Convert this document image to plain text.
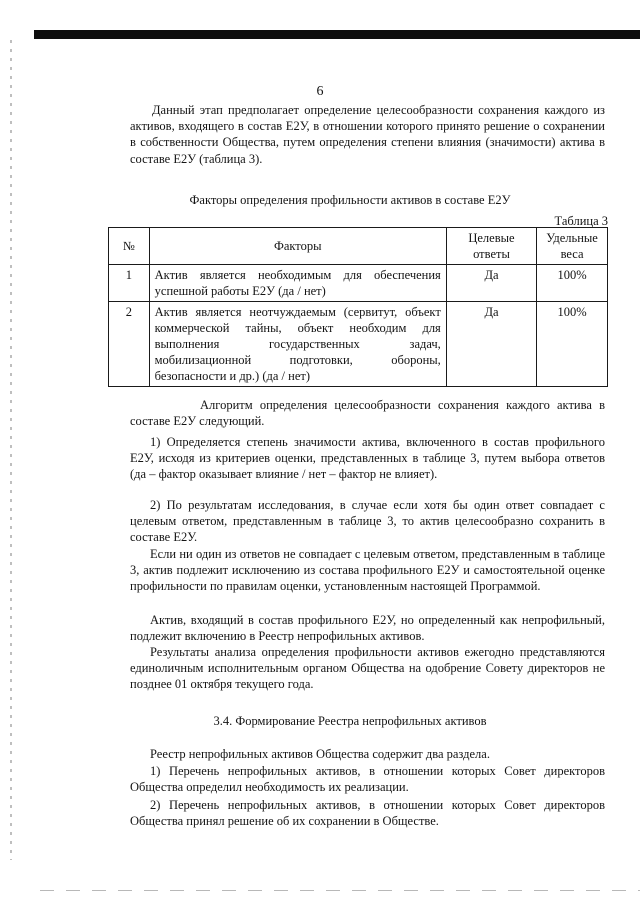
6

Данный этап предполагает определение целесообразности сохранения каждого из активов, входящего в состав Е2У, в отношении которого принято решение о сохранении в собственности Общества, путем определения степени влияния (значимости) актива в составе Е2У (таблица 3).

Факторы определения профильности активов в составе Е2У

Таблица 3
№	Факторы	Целевые ответы	Удельные веса
1	Актив является необходимым для обеспечения успешной работы Е2У (да / нет)	Да	100%
2	Актив является неотчуждаемым (сервитут, объект коммерческой тайны, объект необходим для выполнения государственных задач, мобилизационной подготовки, обороны, безопасности и др.) (да / нет)	Да	100%

Алгоритм определения целесообразности сохранения каждого актива в составе Е2У следующий.

1) Определяется степень значимости актива, включенного в состав профильного Е2У, исходя из критериев оценки, представленных в таблице 3, путем выбора ответов (да – фактор оказывает влияние / нет – фактор не влияет).

2) По результатам исследования, в случае если хотя бы один ответ совпадает с целевым ответом, представленным в таблице 3, то актив целесообразно сохранить в составе Е2У.

Если ни один из ответов не совпадает с целевым ответом, представленным в таблице 3, актив подлежит исключению из состава профильного Е2У и самостоятельной оценке профильности по правилам оценки, установленным настоящей Программой.

Актив, входящий в состав профильного Е2У, но определенный как непрофильный, подлежит включению в Реестр непрофильных активов.

Результаты анализа определения профильности активов ежегодно представляются единоличным исполнительным органом Общества на одобрение Совету директоров не позднее 01 октября текущего года.

3.4. Формирование Реестра непрофильных активов

Реестр непрофильных активов Общества содержит два раздела.

1) Перечень непрофильных активов, в отношении которых Совет директоров Общества определил необходимость их реализации.

2) Перечень непрофильных активов, в отношении которых Совет директоров Общества принял решение об их сохранении в Обществе.
